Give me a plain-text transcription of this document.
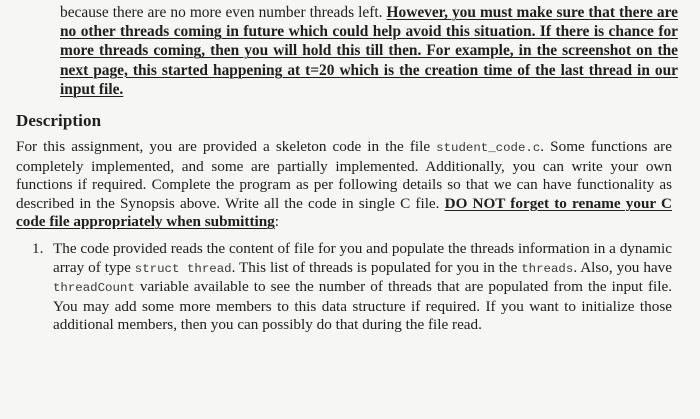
because there are no more even number threads left. However, you must make sure that there are no other threads coming in future which could help avoid this situation. If there is chance for more threads coming, then you will hold this till then. For example, in the screenshot on the next page, this started happening at t=20 which is the creation time of the last thread in our input file.
Description
For this assignment, you are provided a skeleton code in the file student_code.c. Some functions are completely implemented, and some are partially implemented. Additionally, you can write your own functions if required. Complete the program as per following details so that we can have functionality as described in the Synopsis above. Write all the code in single C file. DO NOT forget to rename your C code file appropriately when submitting:
1. The code provided reads the content of file for you and populate the threads information in a dynamic array of type struct thread. This list of threads is populated for you in the threads. Also, you have threadCount variable available to see the number of threads that are populated from the input file. You may add some more members to this data structure if required. If you want to initialize those additional members, then you can possibly do that during the file read.
